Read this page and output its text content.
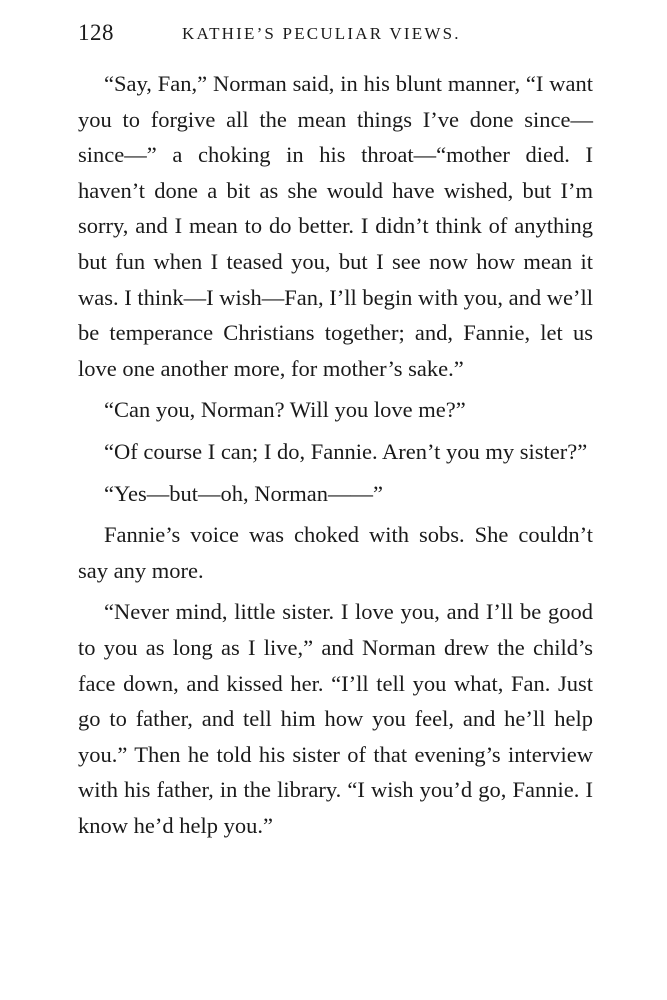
128	KATHIE’S PECULIAR VIEWS.

“Say, Fan,” Norman said, in his blunt manner, “I want you to forgive all the mean things I’ve done since—since—” a choking in his throat—“mother died. I haven’t done a bit as she would have wished, but I’m sorry, and I mean to do better. I didn’t think of anything but fun when I teased you, but I see now how mean it was. I think—I wish—Fan, I’ll begin with you, and we’ll be temperance Christians together; and, Fannie, let us love one another more, for mother’s sake.”

“Can you, Norman? Will you love me?”

“Of course I can; I do, Fannie. Aren’t you my sister?”

“Yes—but—oh, Norman——”

Fannie’s voice was choked with sobs. She couldn’t say any more.

“Never mind, little sister. I love you, and I’ll be good to you as long as I live,” and Norman drew the child’s face down, and kissed her. “I’ll tell you what, Fan. Just go to father, and tell him how you feel, and he’ll help you.” Then he told his sister of that evening’s interview with his father, in the library. “I wish you’d go, Fannie. I know he’d help you.”
